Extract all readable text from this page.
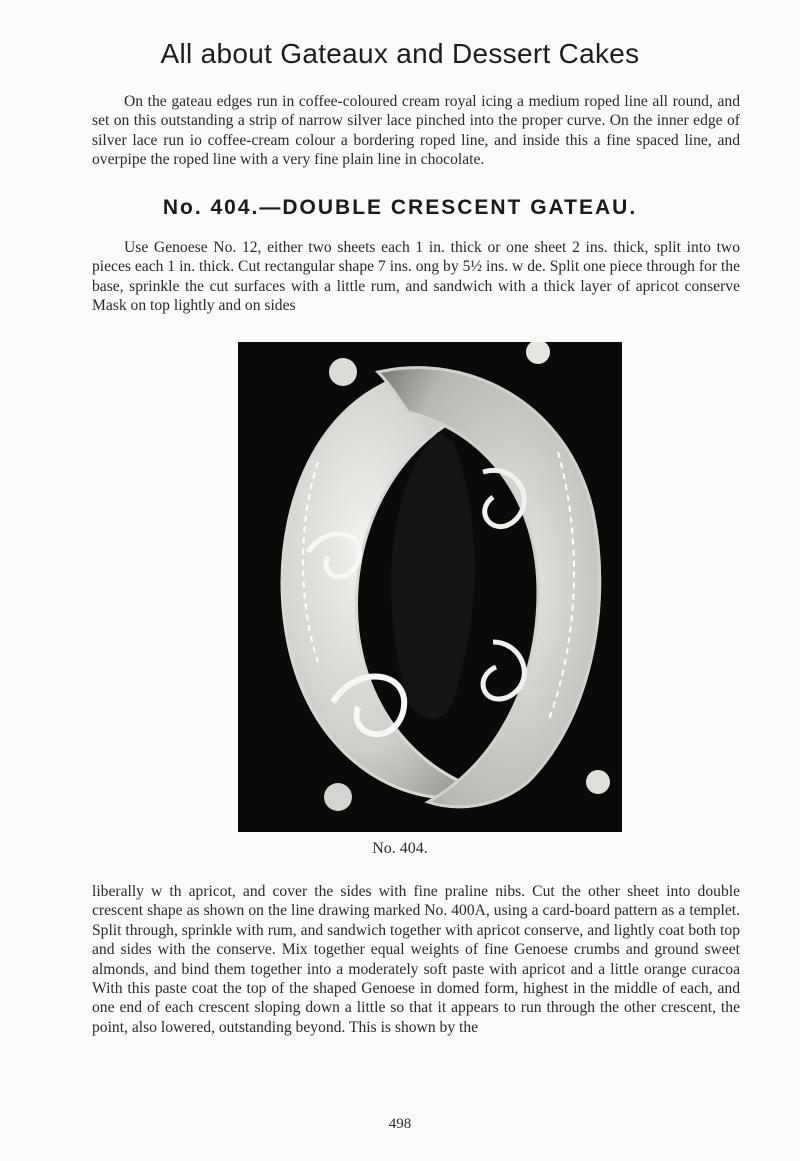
All about Gateaux and Dessert Cakes
On the gateau edges run in coffee-coloured cream royal icing a medium roped line all round, and set on this outstanding a strip of narrow silver lace pinched into the proper curve. On the inner edge of silver lace run io coffee-cream colour a bordering roped line, and inside this a fine spaced line, and overpipe the roped line with a very fine plain line in chocolate.
No. 404.—DOUBLE CRESCENT GATEAU.
Use Genoese No. 12, either two sheets each 1 in. thick or one sheet 2 ins. thick, split into two pieces each 1 in. thick. Cut rectangular shape 7 ins. ong by 5½ ins. w de. Split one piece through for the base, sprinkle the cut surfaces with a little rum, and sandwich with a thick layer of apricot conserve Mask on top lightly and on sides
No. 404.
liberally w th apricot, and cover the sides with fine praline nibs. Cut the other sheet into double crescent shape as shown on the line drawing marked No. 400A, using a card-board pattern as a templet. Split through, sprinkle with rum, and sandwich together with apricot conserve, and lightly coat both top and sides with the conserve. Mix together equal weights of fine Genoese crumbs and ground sweet almonds, and bind them together into a moderately soft paste with apricot and a little orange curacoa With this paste coat the top of the shaped Genoese in domed form, highest in the middle of each, and one end of each crescent sloping down a little so that it appears to run through the other crescent, the point, also lowered, outstanding beyond. This is shown by the
498
